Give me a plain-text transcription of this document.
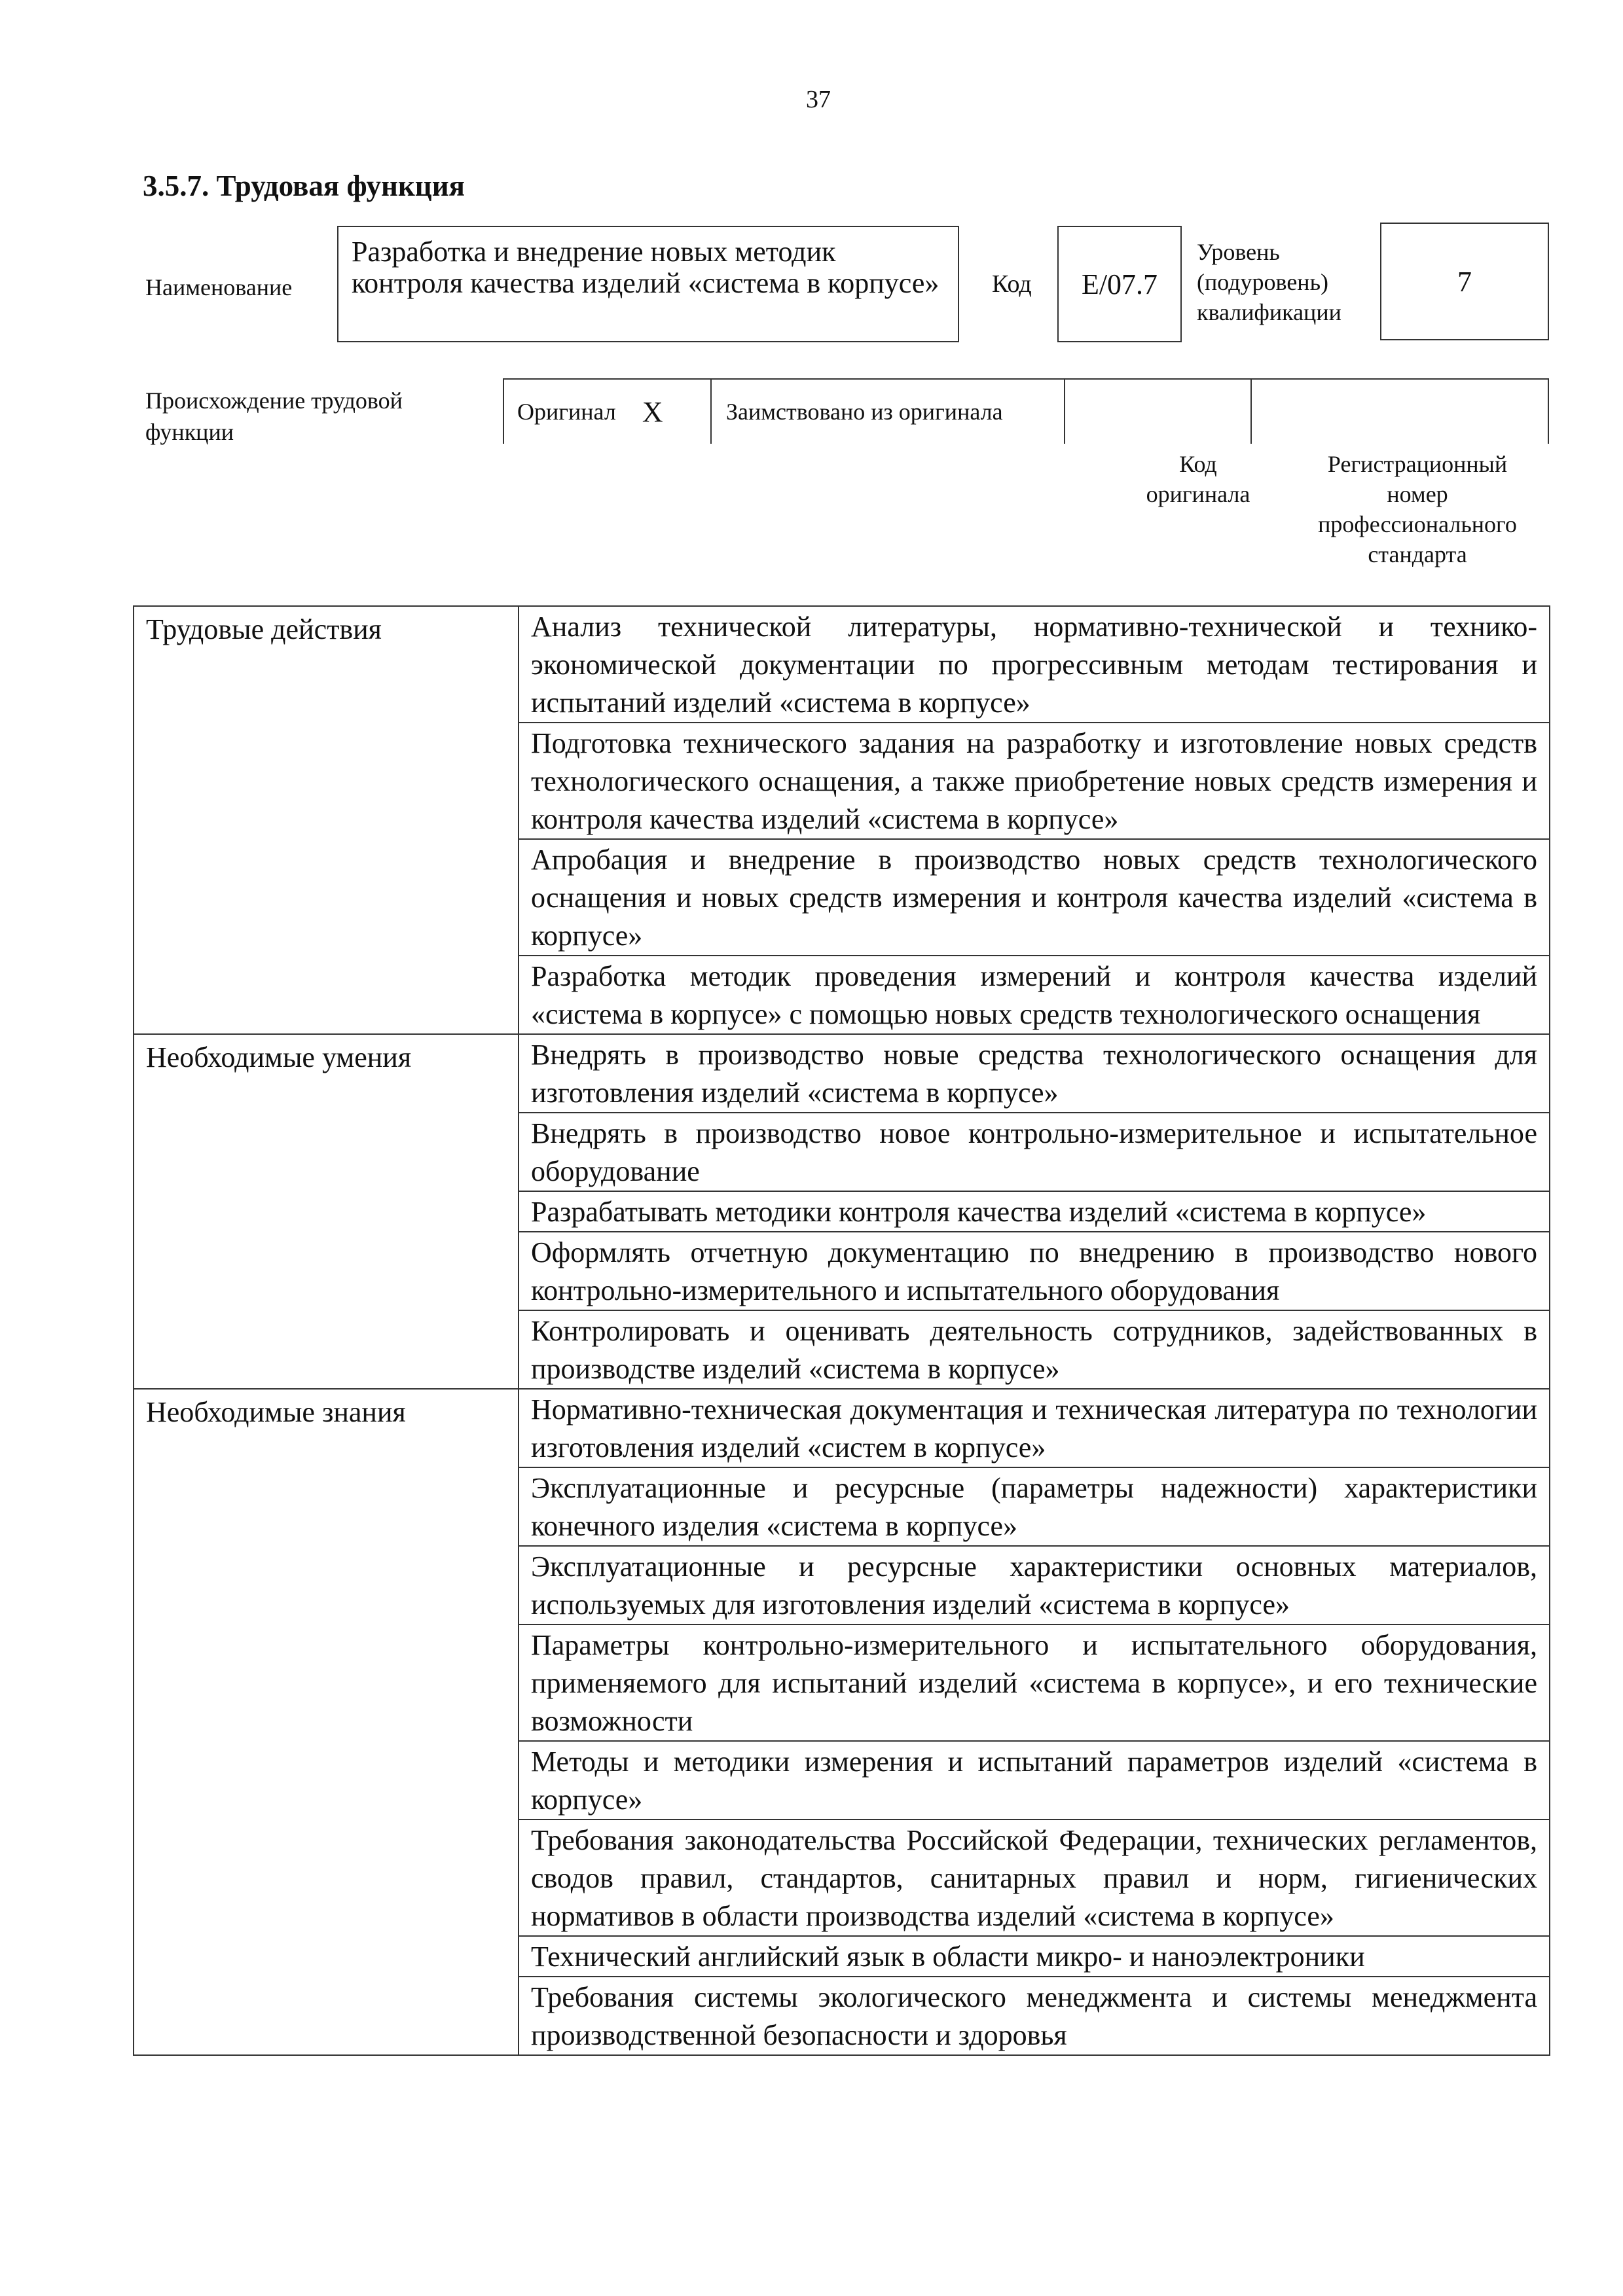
37
3.5.7. Трудовая функция
Наименование
Разработка и внедрение новых методик контроля качества изделий «система в корпусе»	Код	E/07.7
Уровень
(подуровень)
квалификации
7
Происхождение трудовой
функции
Оригинал X	Заимствовано из оригинала
Код
оригинала
Регистрационный
номер
профессионального
стандарта
Трудовые действия	Анализ технической литературы, нормативно-технической и технико-экономической документации по прогрессивным методам тестирования и испытаний изделий «система в корпусе»
	Подготовка технического задания на разработку и изготовление новых средств технологического оснащения, а также приобретение новых средств измерения и контроля качества изделий «система в корпусе»
	Апробация и внедрение в производство новых средств технологического оснащения и новых средств измерения и контроля качества изделий «система в корпусе»
	Разработка методик проведения измерений и контроля качества изделий «система в корпусе» с помощью новых средств технологического оснащения
Необходимые умения	Внедрять в производство новые средства технологического оснащения для изготовления изделий «система в корпусе»
	Внедрять в производство новое контрольно-измерительное и испытательное оборудование
	Разрабатывать методики контроля качества изделий «система в корпусе»
	Оформлять отчетную документацию по внедрению в производство нового контрольно-измерительного и испытательного оборудования
	Контролировать и оценивать деятельность сотрудников, задействованных в производстве изделий «система в корпусе»
Необходимые знания	Нормативно-техническая документация и техническая литература по технологии изготовления изделий «систем в корпусе»
	Эксплуатационные и ресурсные (параметры надежности) характеристики конечного изделия «система в корпусе»
	Эксплуатационные и ресурсные характеристики основных материалов, используемых для изготовления изделий «система в корпусе»
	Параметры контрольно-измерительного и испытательного оборудования, применяемого для испытаний изделий «система в корпусе», и его технические возможности
	Методы и методики измерения и испытаний параметров изделий «система в корпусе»
	Требования законодательства Российской Федерации, технических регламентов, сводов правил, стандартов, санитарных правил и норм, гигиенических нормативов в области производства изделий «система в корпусе»
	Технический английский язык в области микро- и наноэлектроники
	Требования системы экологического менеджмента и системы менеджмента производственной безопасности и здоровья
